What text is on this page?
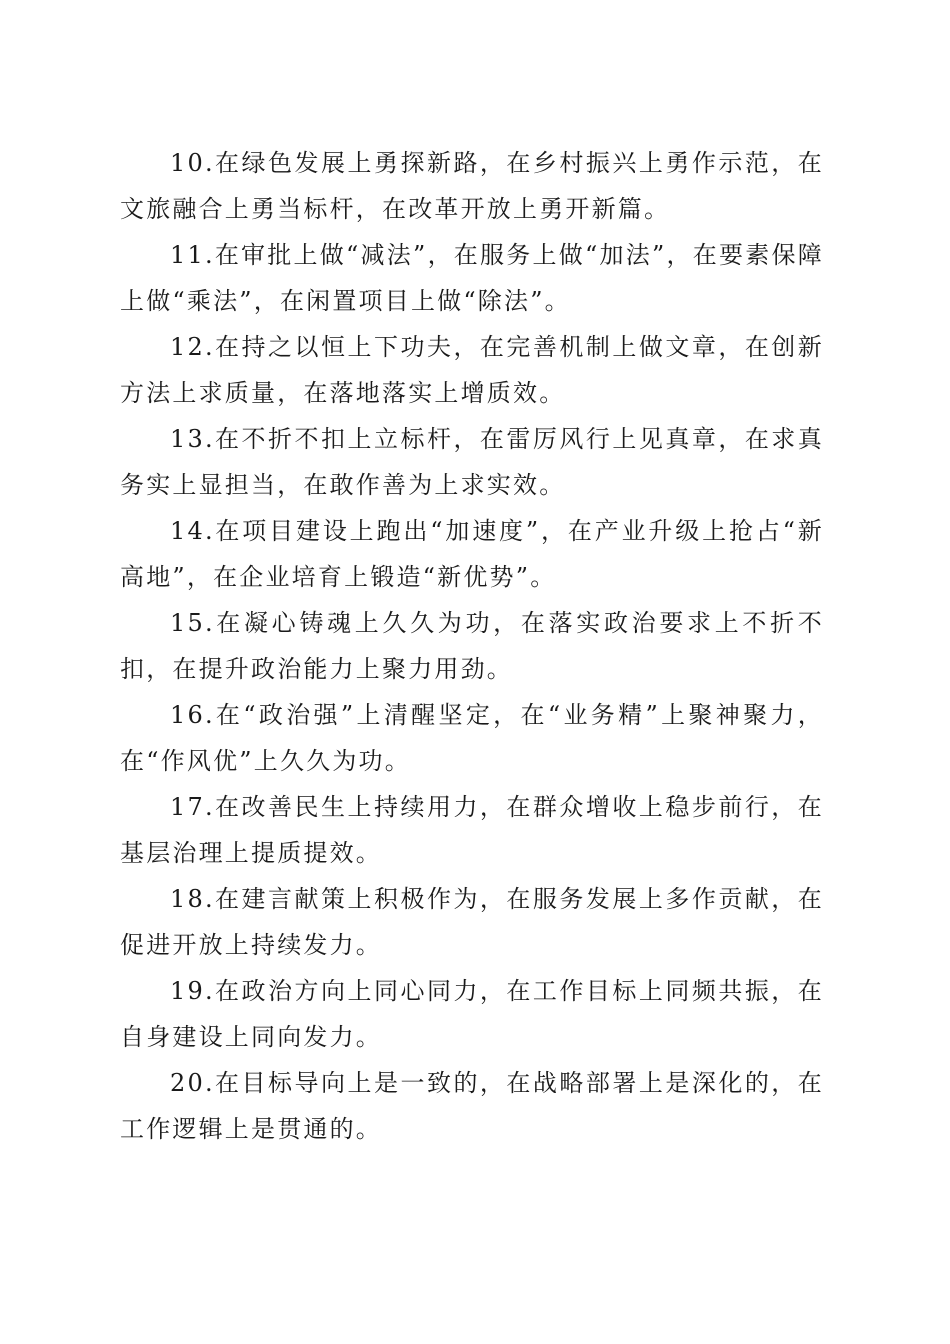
10.在绿色发展上勇探新路，在乡村振兴上勇作示范，在文旅融合上勇当标杆，在改革开放上勇开新篇。

11.在审批上做“减法”，在服务上做“加法”，在要素保障上做“乘法”，在闲置项目上做“除法”。

12.在持之以恒上下功夫，在完善机制上做文章，在创新方法上求质量，在落地落实上增质效。

13.在不折不扣上立标杆，在雷厉风行上见真章，在求真务实上显担当，在敢作善为上求实效。

14.在项目建设上跑出“加速度”，在产业升级上抢占“新高地”，在企业培育上锻造“新优势”。

15.在凝心铸魂上久久为功，在落实政治要求上不折不扣，在提升政治能力上聚力用劲。

16.在“政治强”上清醒坚定，在“业务精”上聚神聚力，在“作风优”上久久为功。

17.在改善民生上持续用力，在群众增收上稳步前行，在基层治理上提质提效。

18.在建言献策上积极作为，在服务发展上多作贡献，在促进开放上持续发力。

19.在政治方向上同心同力，在工作目标上同频共振，在自身建设上同向发力。

20.在目标导向上是一致的，在战略部署上是深化的，在工作逻辑上是贯通的。
